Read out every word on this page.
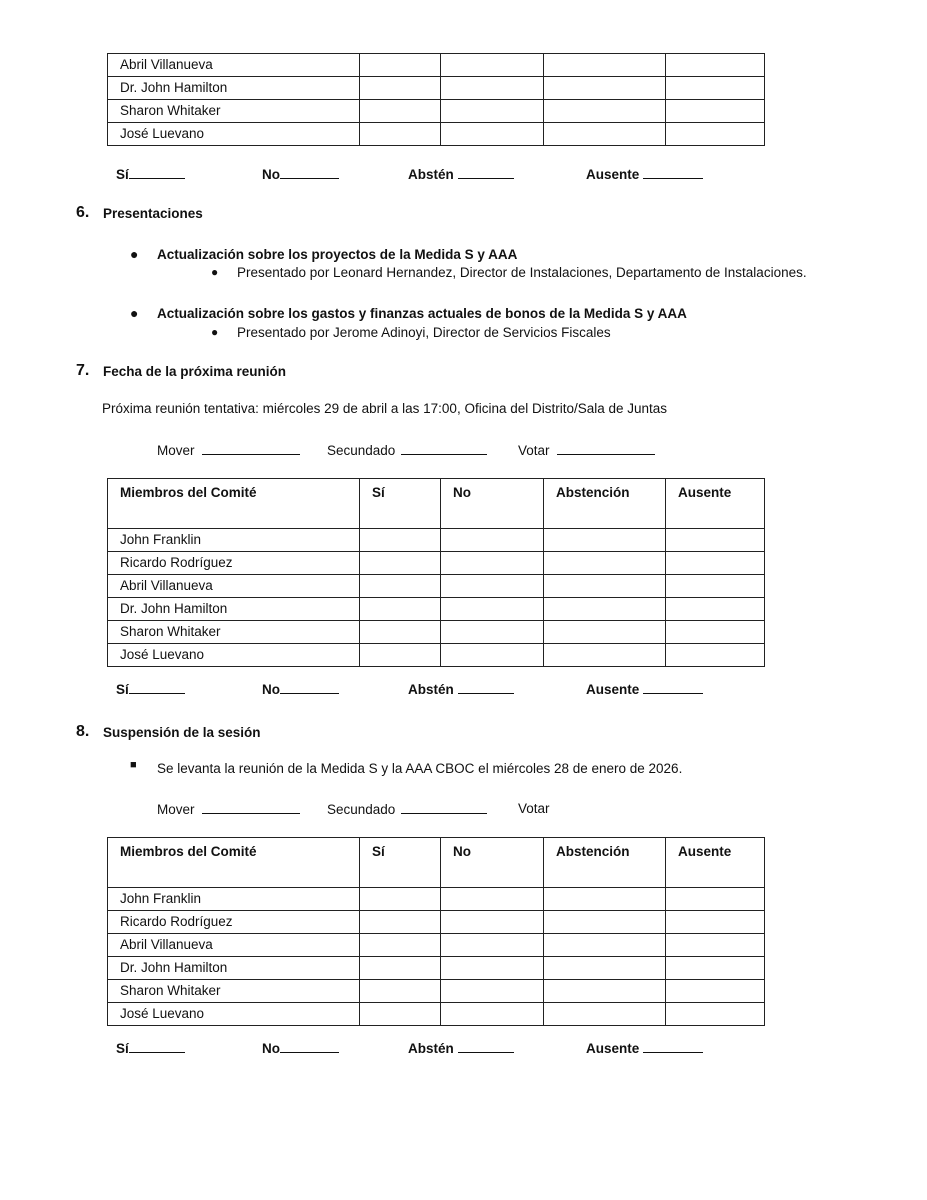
Abril Villanueva				
Dr. John Hamilton				
Sharon Whitaker				
José Luevano				
Sí	No	Abstén	Ausente
6. Presentaciones
● Actualización sobre los proyectos de la Medida S y AAA
● Presentado por Leonard Hernandez, Director de Instalaciones, Departamento de Instalaciones.
● Actualización sobre los gastos y finanzas actuales de bonos de la Medida S y AAA
● Presentado por Jerome Adinoyi, Director de Servicios Fiscales
7. Fecha de la próxima reunión
Próxima reunión tentativa: miércoles 29 de abril a las 17:00, Oficina del Distrito/Sala de Juntas
Mover	Secundado	Votar
Miembros del Comité	Sí	No	Abstención	Ausente
John Franklin				
Ricardo Rodríguez				
Abril Villanueva				
Dr. John Hamilton				
Sharon Whitaker				
José Luevano				
Sí	No	Abstén	Ausente
8. Suspensión de la sesión
■ Se levanta la reunión de la Medida S y la AAA CBOC el miércoles 28 de enero de 2026.
Mover	Secundado	Votar
Miembros del Comité	Sí	No	Abstención	Ausente
John Franklin				
Ricardo Rodríguez				
Abril Villanueva				
Dr. John Hamilton				
Sharon Whitaker				
José Luevano				
Sí	No	Abstén	Ausente
